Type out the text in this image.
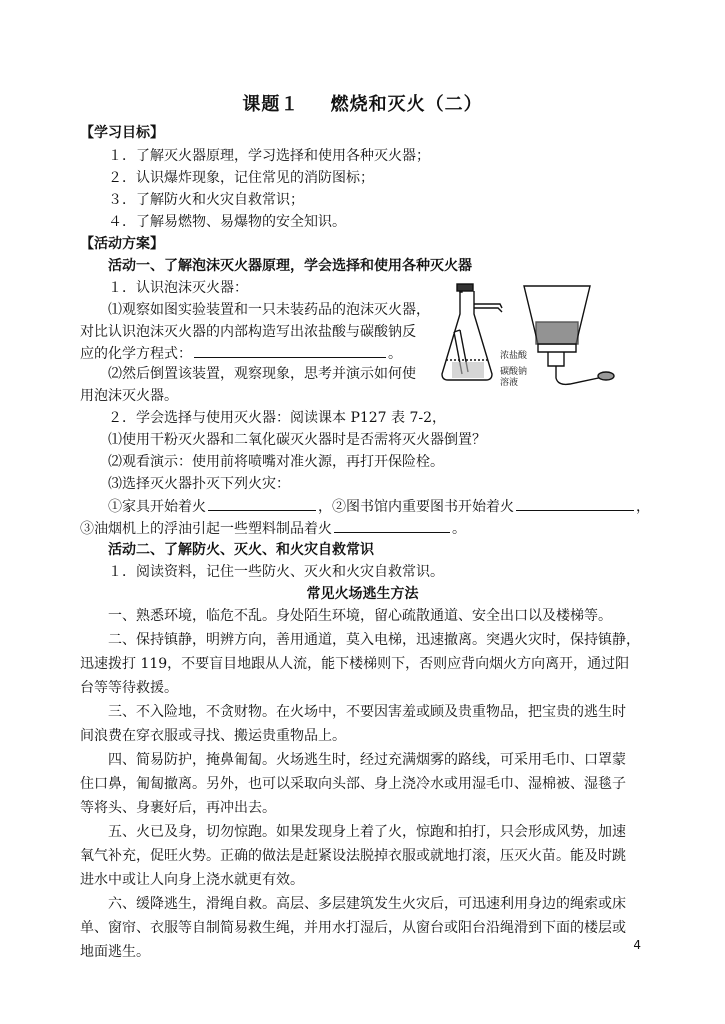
课题１ 燃烧和灭火（二）
【学习目标】
１．了解灭火器原理，学习选择和使用各种灭火器；
２．认识爆炸现象，记住常见的消防图标；
３．了解防火和火灾自救常识；
４．了解易燃物、易爆物的安全知识。
【活动方案】
活动一、了解泡沫灭火器原理，学会选择和使用各种灭火器
１．认识泡沫灭火器：
⑴观察如图实验装置和一只未装药品的泡沫灭火器，
对比认识泡沫灭火器的内部构造写出浓盐酸与碳酸钠反
应的化学方程式：	。
⑵然后倒置该装置，观察现象，思考并演示如何使
用泡沫灭火器。
浓盐酸
碳酸钠
溶液
２．学会选择与使用灭火器：阅读课本 P127 表 7-2，
⑴使用干粉灭火器和二氧化碳灭火器时是否需将灭火器倒置？
⑵观看演示：使用前将喷嘴对准火源，再打开保险栓。
⑶选择灭火器扑灭下列火灾：
①家具开始着火	，②图书馆内重要图书开始着火	，
③油烟机上的浮油引起一些塑料制品着火	。
活动二、了解防火、灭火、和火灾自救常识
１．阅读资料，记住一些防火、灭火和火灾自救常识。
常见火场逃生方法
一、熟悉环境，临危不乱。身处陌生环境，留心疏散通道、安全出口以及楼梯等。
二、保持镇静，明辨方向，善用通道，莫入电梯，迅速撤离。突遇火灾时，保持镇静，
迅速拨打 119，不要盲目地跟从人流，能下楼梯则下，否则应背向烟火方向离开，通过阳
台等等待救援。
三、不入险地，不贪财物。在火场中，不要因害羞或顾及贵重物品，把宝贵的逃生时
间浪费在穿衣服或寻找、搬运贵重物品上。
四、简易防护，掩鼻匍匐。火场逃生时，经过充满烟雾的路线，可采用毛巾、口罩蒙
住口鼻，匍匐撤离。另外，也可以采取向头部、身上浇冷水或用湿毛巾、湿棉被、湿毯子
等将头、身裹好后，再冲出去。
五、火已及身，切勿惊跑。如果发现身上着了火，惊跑和拍打，只会形成风势，加速
氧气补充，促旺火势。正确的做法是赶紧设法脱掉衣服或就地打滚，压灭火苗。能及时跳
进水中或让人向身上浇水就更有效。
六、缓降逃生，滑绳自救。高层、多层建筑发生火灾后，可迅速利用身边的绳索或床
单、窗帘、衣服等自制简易救生绳，并用水打湿后，从窗台或阳台沿绳滑到下面的楼层或
地面逃生。	4
